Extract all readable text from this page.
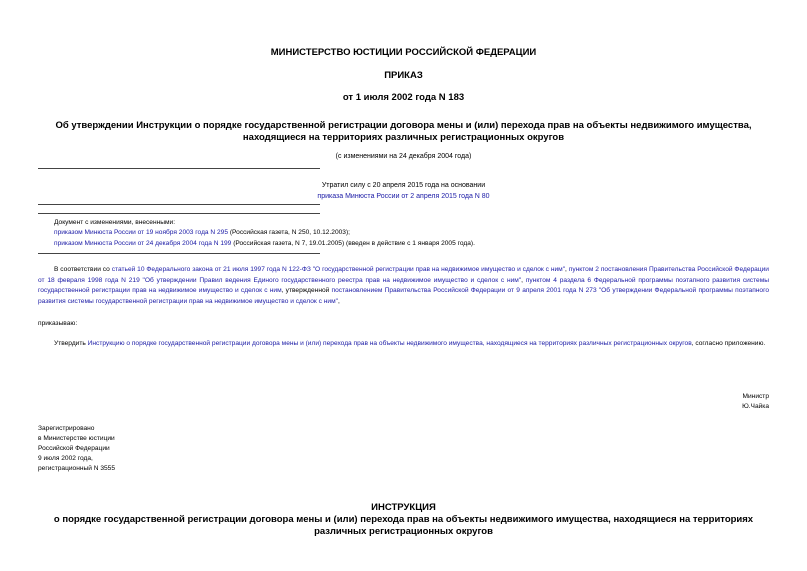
МИНИСТЕРСТВО ЮСТИЦИИ РОССИЙСКОЙ ФЕДЕРАЦИИ
ПРИКАЗ
от 1 июля 2002 года N 183
Об утверждении Инструкции о порядке государственной регистрации договора мены и (или) перехода прав на объекты недвижимого имущества, находящиеся на территориях различных регистрационных округов
(с изменениями на 24 декабря 2004 года)
Утратил силу с 20 апреля 2015 года на основании
приказа Минюста России от 2 апреля 2015 года N 80
Документ с изменениями, внесенными:
приказом Минюста России от 19 ноября 2003 года N 295 (Российская газета, N 250, 10.12.2003);
приказом Минюста России от 24 декабря 2004 года N 199 (Российская газета, N 7, 19.01.2005) (введен в действие с 1 января 2005 года).
В соответствии со статьей 10 Федерального закона от 21 июля 1997 года N 122-ФЗ "О государственной регистрации прав на недвижимое имущество и сделок с ним", пунктом 2 постановления Правительства Российской Федерации от 18 февраля 1998 года N 219 "Об утверждении Правил ведения Единого государственного реестра прав на недвижимое имущество и сделок с ним", пунктом 4 раздела 6 Федеральной программы поэтапного развития системы государственной регистрации прав на недвижимое имущество и сделок с ним, утвержденной постановлением Правительства Российской Федерации от 9 апреля 2001 года N 273 "Об утверждении Федеральной программы поэтапного развития системы государственной регистрации прав на недвижимое имущество и сделок с ним",
приказываю:
Утвердить Инструкцию о порядке государственной регистрации договора мены и (или) перехода прав на объекты недвижимого имущества, находящиеся на территориях различных регистрационных округов, согласно приложению.
Министр
Ю.Чайка
Зарегистрировано
в Министерстве юстиции
Российской Федерации
9 июля 2002 года,
регистрационный N 3555
ИНСТРУКЦИЯ
о порядке государственной регистрации договора мены и (или) перехода прав на объекты недвижимого имущества, находящиеся на территориях различных регистрационных округов
